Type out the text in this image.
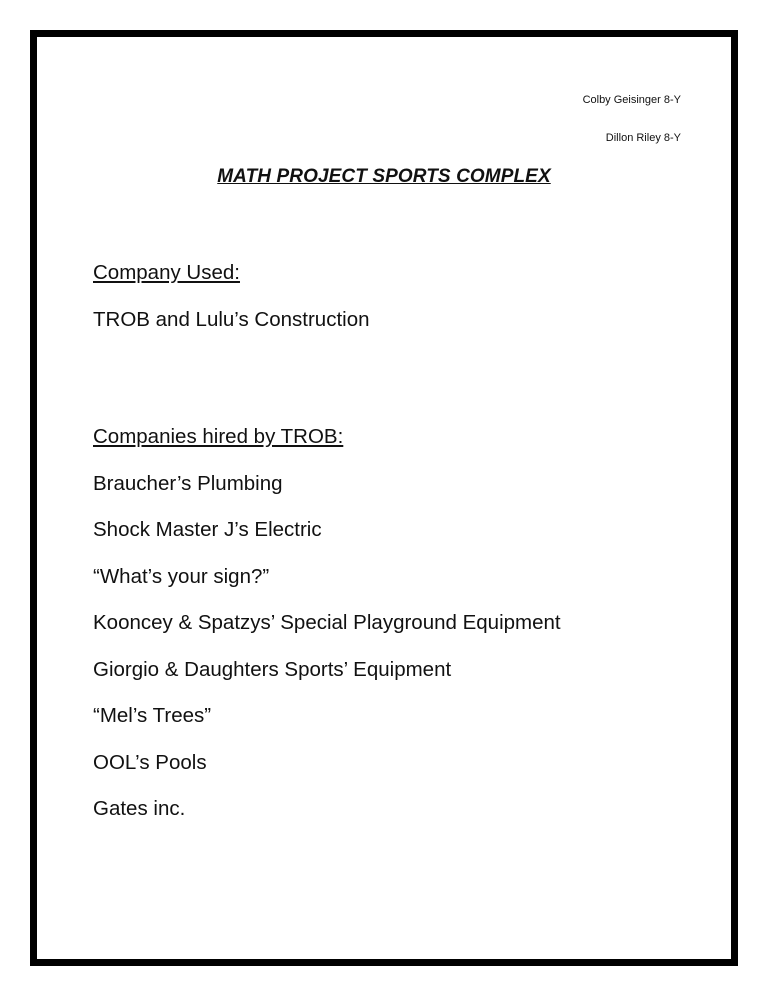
Colby Geisinger 8-Y
Dillon Riley 8-Y
MATH PROJECT SPORTS COMPLEX
Company Used:
TROB and Lulu’s Construction
Companies hired by TROB:
Braucher’s Plumbing
Shock Master J’s Electric
“What’s your sign?”
Kooncey & Spatzys’ Special Playground Equipment
Giorgio & Daughters Sports’ Equipment
“Mel’s Trees”
OOL’s Pools
Gates inc.
